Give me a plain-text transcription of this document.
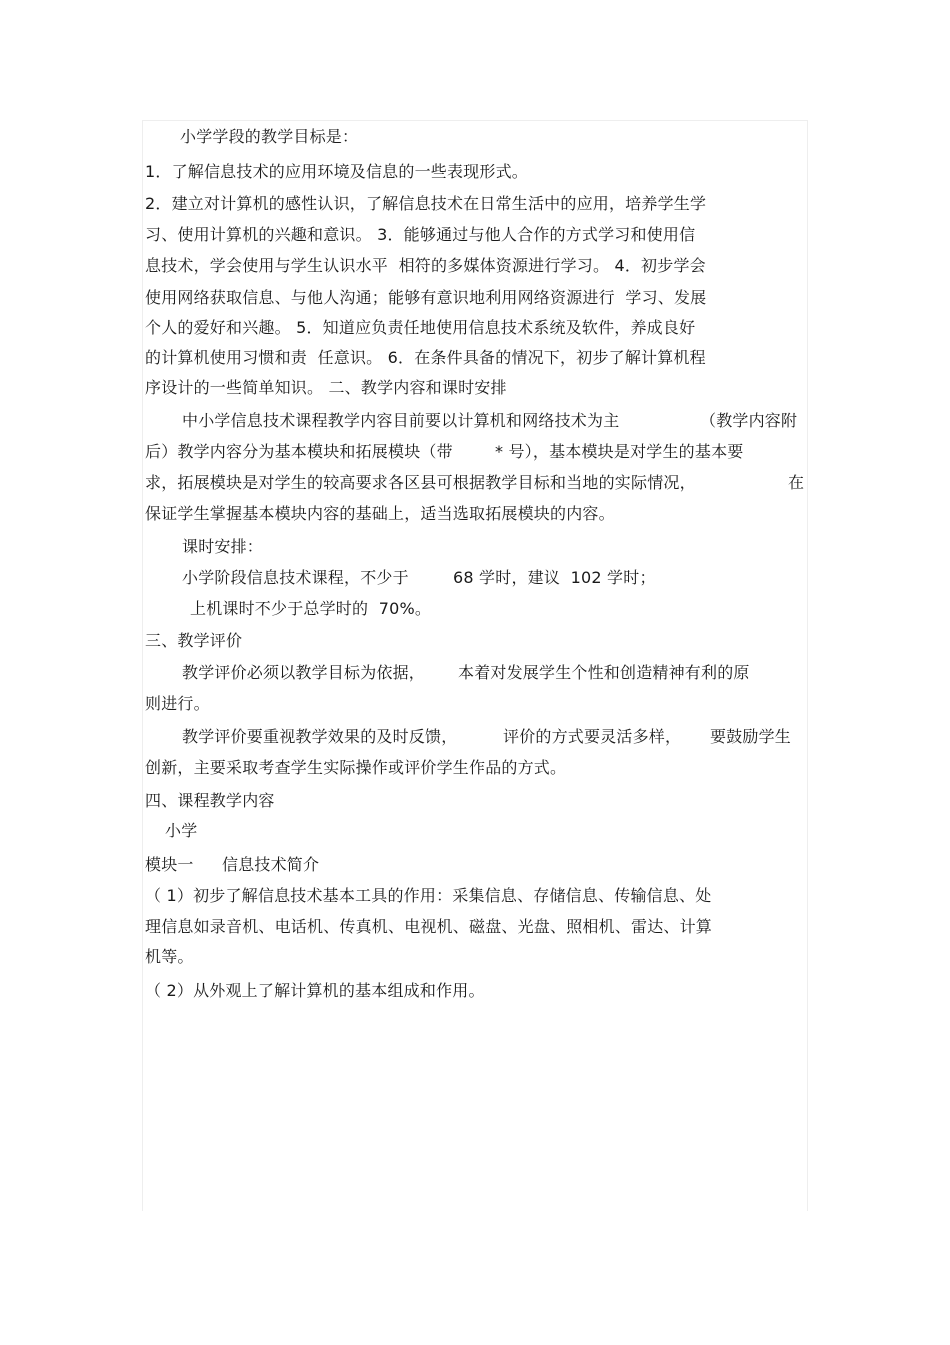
小学学段的教学目标是：
1．了解信息技术的应用环境及信息的一些表现形式。
2．建立对计算机的感性认识，了解信息技术在日常生活中的应用，培养学生学
习、使用计算机的兴趣和意识。 3．能够通过与他人合作的方式学习和使用信
息技术，学会使用与学生认识水平  相符的多媒体资源进行学习。 4．初步学会
使用网络获取信息、与他人沟通；能够有意识地利用网络资源进行  学习、发展
个人的爱好和兴趣。 5．知道应负责任地使用信息技术系统及软件，养成良好
的计算机使用习惯和责  任意识。 6．在条件具备的情况下，初步了解计算机程
序设计的一些简单知识。 二、教学内容和课时安排
中小学信息技术课程教学内容目前要以计算机和网络技术为主	（教学内容附
后）教学内容分为基本模块和拓展模块（带	* 号），基本模块是对学生的基本要
求，拓展模块是对学生的较高要求各区县可根据教学目标和当地的实际情况，	在
保证学生掌握基本模块内容的基础上，适当选取拓展模块的内容。
课时安排：
小学阶段信息技术课程，不少于	68 学时，建议  102 学时；
上机课时不少于总学时的  70%。
三、教学评价
教学评价必须以教学目标为依据， 本着对发展学生个性和创造精神有利的原
则进行。
教学评价要重视教学效果的及时反馈，	评价的方式要灵活多样， 要鼓励学生
创新，主要采取考查学生实际操作或评价学生作品的方式。
四、课程教学内容
小学
模块一 信息技术简介
（ 1）初步了解信息技术基本工具的作用：采集信息、存储信息、传输信息、处
理信息如录音机、电话机、传真机、电视机、磁盘、光盘、照相机、雷达、计算
机等。
（ 2）从外观上了解计算机的基本组成和作用。
